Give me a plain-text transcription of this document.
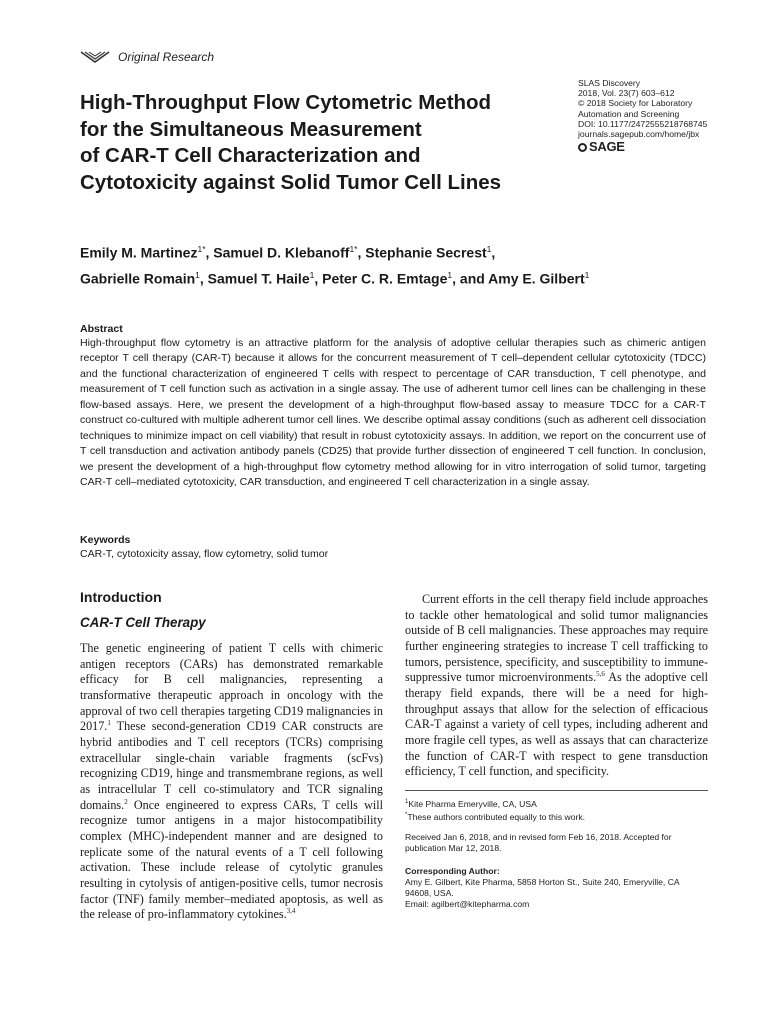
Original Research
SLAS Discovery
2018, Vol. 23(7) 603–612
© 2018 Society for Laboratory
Automation and Screening
DOI: 10.1177/2472555218768745
journals.sagepub.com/home/jbx
SAGE
High-Throughput Flow Cytometric Method
for the Simultaneous Measurement
of CAR-T Cell Characterization and
Cytotoxicity against Solid Tumor Cell Lines

Emily M. Martinez$^{1*}$, Samuel D. Klebanoff$^{1*}$, Stephanie Secrest$^1$,
Gabrielle Romain$^1$, Samuel T. Haile$^1$, Peter C. R. Emtage$^1$, and Amy E. Gilbert$^1$

Abstract

High-throughput flow cytometry is an attractive platform for the analysis of adoptive cellular therapies such as chimeric antigen receptor T cell therapy (CAR-T) because it allows for the concurrent measurement of T cell–dependent cellular cytotoxicity (TDCC) and the functional characterization of engineered T cells with respect to percentage of CAR transduction, T cell phenotype, and measurement of T cell function such as activation in a single assay. The use of adherent tumor cell lines can be challenging in these flow-based assays. Here, we present the development of a high-throughput flow-based assay to measure TDCC for a CAR-T construct co-cultured with multiple adherent tumor cell lines. We describe optimal assay conditions (such as adherent cell dissociation techniques to minimize impact on cell viability) that result in robust cytotoxicity assays. In addition, we report on the concurrent use of T cell transduction and activation antibody panels (CD25) that provide further dissection of engineered T cell function. In conclusion, we present the development of a high-throughput flow cytometry method allowing for in vitro interrogation of solid tumor, targeting CAR-T cell–mediated cytotoxicity, CAR transduction, and engineered T cell characterization in a single assay.

Keywords

CAR-T, cytotoxicity assay, flow cytometry, solid tumor

Introduction
CAR-T Cell Therapy

The genetic engineering of patient T cells with chimeric antigen receptors (CARs) has demonstrated remarkable efficacy for B cell malignancies, representing a transformative therapeutic approach in oncology with the approval of two cell therapies targeting CD19 malignancies in 2017.$^1$ These second-generation CD19 CAR constructs are hybrid antibodies and T cell receptors (TCRs) comprising extracellular single-chain variable fragments (scFvs) recognizing CD19, hinge and transmembrane regions, as well as intracellular T cell co-stimulatory and TCR signaling domains.$^2$ Once engineered to express CARs, T cells will recognize tumor antigens in a major histocompatibility complex (MHC)-independent manner and are designed to replicate some of the natural events of a T cell following activation. These include release of cytolytic granules resulting in cytolysis of antigen-positive cells, tumor necrosis factor (TNF) family member–mediated apoptosis, as well as the release of pro-inflammatory cytokines.$^{3,4}$

Current efforts in the cell therapy field include approaches to tackle other hematological and solid tumor malignancies outside of B cell malignancies. These approaches may require further engineering strategies to increase T cell trafficking to tumors, persistence, specificity, and susceptibility to immune-suppressive tumor microenvironments.$^{5,6}$ As the adoptive cell therapy field expands, there will be a need for high-throughput assays that allow for the selection of efficacious CAR-T against a variety of cell types, including adherent and more fragile cell types, as well as assays that can characterize the function of CAR-T with respect to gene transduction efficiency, T cell function, and specificity.

$^1$Kite Pharma Emeryville, CA, USA

*These authors contributed equally to this work.

Received Jan 6, 2018, and in revised form Feb 16, 2018. Accepted for

publication Mar 12, 2018.

Corresponding Author:

Amy E. Gilbert, Kite Pharma, 5858 Horton St., Suite 240, Emeryville, CA

94608, USA.

Email: agilbert@kitepharma.com
